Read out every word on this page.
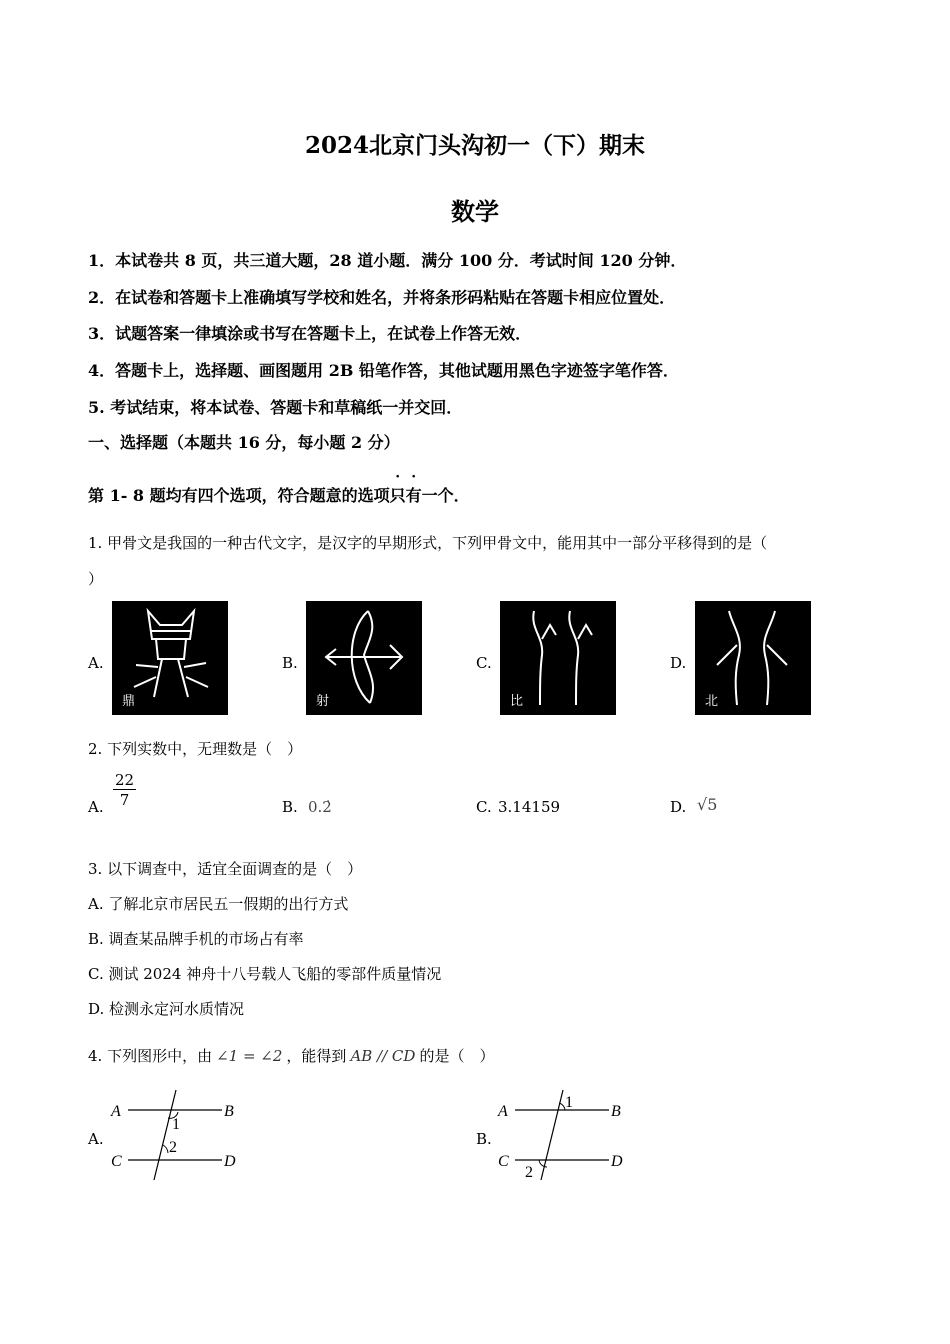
2024北京门头沟初一（下）期末
数学
1．本试卷共 8 页，共三道大题，28 道小题．满分 100 分．考试时间 120 分钟．
2．在试卷和答题卡上准确填写学校和姓名，并将条形码粘贴在答题卡相应位置处．
3．试题答案一律填涂或书写在答题卡上，在试卷上作答无效．
4．答题卡上，选择题、画图题用 2B 铅笔作答，其他试题用黑色字迹签字笔作答．
5. 考试结束，将本试卷、答题卡和草稿纸一并交回．
一、选择题（本题共 16 分，每小题 2 分）
第 1- 8 题均有四个选项，符合题意的选项只有一个．
1. 甲骨文是我国的一种古代文字，是汉字的早期形式，下列甲骨文中，能用其中一部分平移得到的是（
）
A.
鼎
B.
射
C.
比
D.
北
2. 下列实数中，无理数是（　）
A. $\frac{22}{7}$	B. 0.2̇	C. 3.14159	D. √5
3. 以下调查中，适宜全面调查的是（　）
A. 了解北京市居民五一假期的出行方式
B. 调查某品牌手机的市场占有率
C. 测试 2024 神舟十八号载人飞船的零部件质量情况
D. 检测永定河水质情况
4. 下列图形中，由 ∠1 = ∠2 ，能得到 AB // CD 的是（　）
A.
A	B
C	D
1
2	B.
A	B
C	D
1
2
